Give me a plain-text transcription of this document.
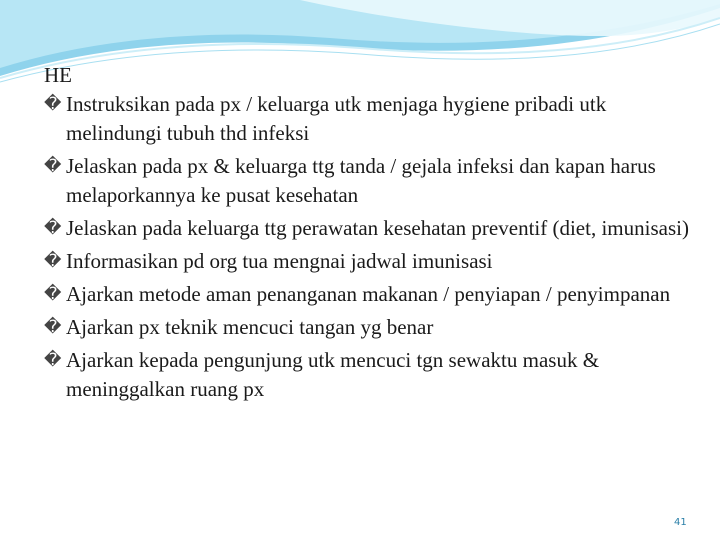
HE
� Instruksikan pada px / keluarga utk menjaga hygiene pribadi utk melindungi tubuh thd infeksi
� Jelaskan pada px & keluarga ttg tanda / gejala infeksi dan kapan harus melaporkannya ke pusat kesehatan
� Jelaskan pada keluarga ttg perawatan kesehatan preventif (diet, imunisasi)
� Informasikan pd org tua mengnai jadwal imunisasi
� Ajarkan metode aman penanganan makanan / penyiapan / penyimpanan
� Ajarkan px teknik mencuci tangan yg benar
� Ajarkan kepada pengunjung utk mencuci tgn sewaktu masuk & meninggalkan ruang px
41
